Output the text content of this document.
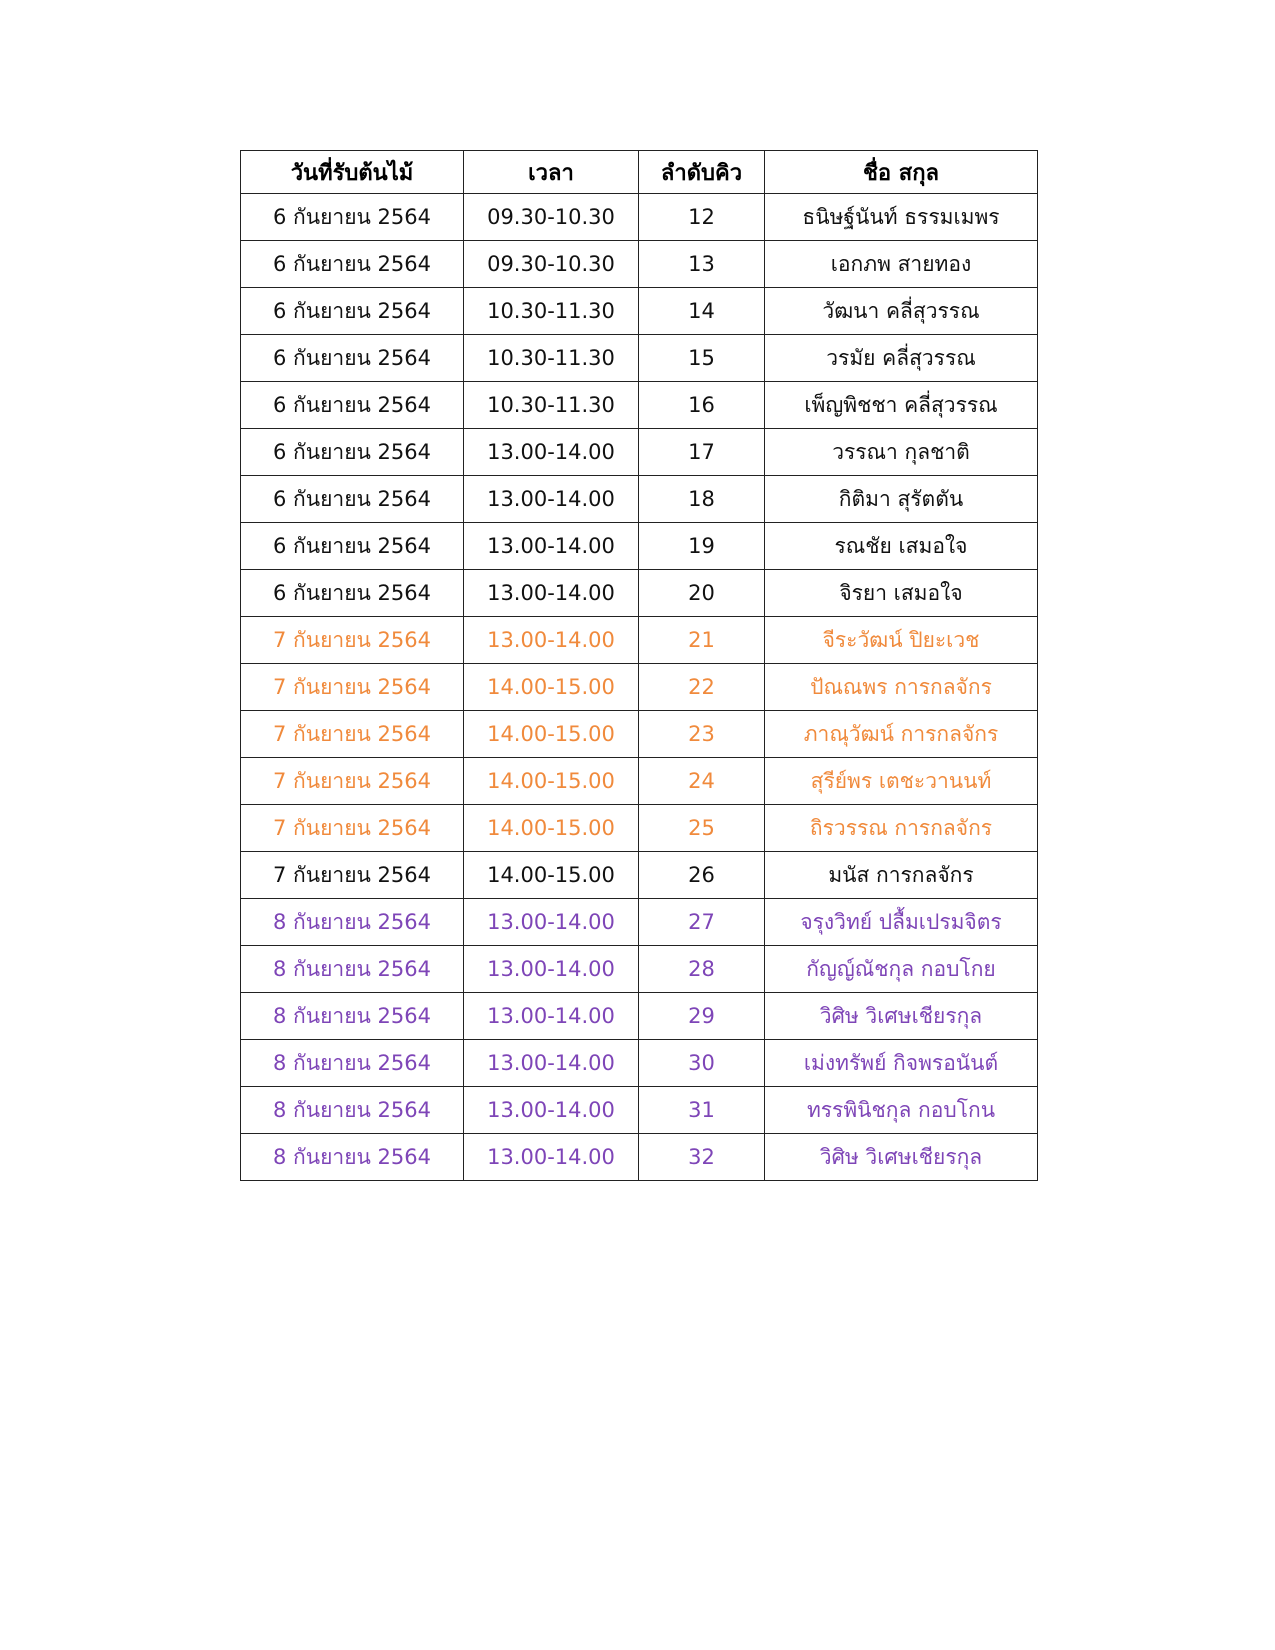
วันที่รับต้นไม้	เวลา	ลำดับคิว	ชื่อ สกุล
6 กันยายน 2564	09.30-10.30	12	ธนิษฐ์นันท์ ธรรมเมพร
6 กันยายน 2564	09.30-10.30	13	เอกภพ สายทอง
6 กันยายน 2564	10.30-11.30	14	วัฒนา คลี่สุวรรณ
6 กันยายน 2564	10.30-11.30	15	วรมัย คลี่สุวรรณ
6 กันยายน 2564	10.30-11.30	16	เพ็ญพิชชา คลี่สุวรรณ
6 กันยายน 2564	13.00-14.00	17	วรรณา กุลชาติ
6 กันยายน 2564	13.00-14.00	18	กิติมา สุรัตตัน
6 กันยายน 2564	13.00-14.00	19	รณชัย เสมอใจ
6 กันยายน 2564	13.00-14.00	20	จิรยา เสมอใจ
7 กันยายน 2564	13.00-14.00	21	จีระวัฒน์ ปิยะเวช
7 กันยายน 2564	14.00-15.00	22	ปัณณพร การกลจักร
7 กันยายน 2564	14.00-15.00	23	ภาณุวัฒน์ การกลจักร
7 กันยายน 2564	14.00-15.00	24	สุรีย์พร เตชะวานนท์
7 กันยายน 2564	14.00-15.00	25	ถิรวรรณ การกลจักร
7 กันยายน 2564	14.00-15.00	26	มนัส การกลจักร
8 กันยายน 2564	13.00-14.00	27	จรุงวิทย์ ปลื้มเปรมจิตร
8 กันยายน 2564	13.00-14.00	28	กัญญ์ณัชกุล กอบโกย
8 กันยายน 2564	13.00-14.00	29	วิศิษ วิเศษเชียรกุล
8 กันยายน 2564	13.00-14.00	30	เม่งทรัพย์ กิจพรอนันต์
8 กันยายน 2564	13.00-14.00	31	ทรรพินิชกุล กอบโกน
8 กันยายน 2564	13.00-14.00	32	วิศิษ วิเศษเชียรกุล
